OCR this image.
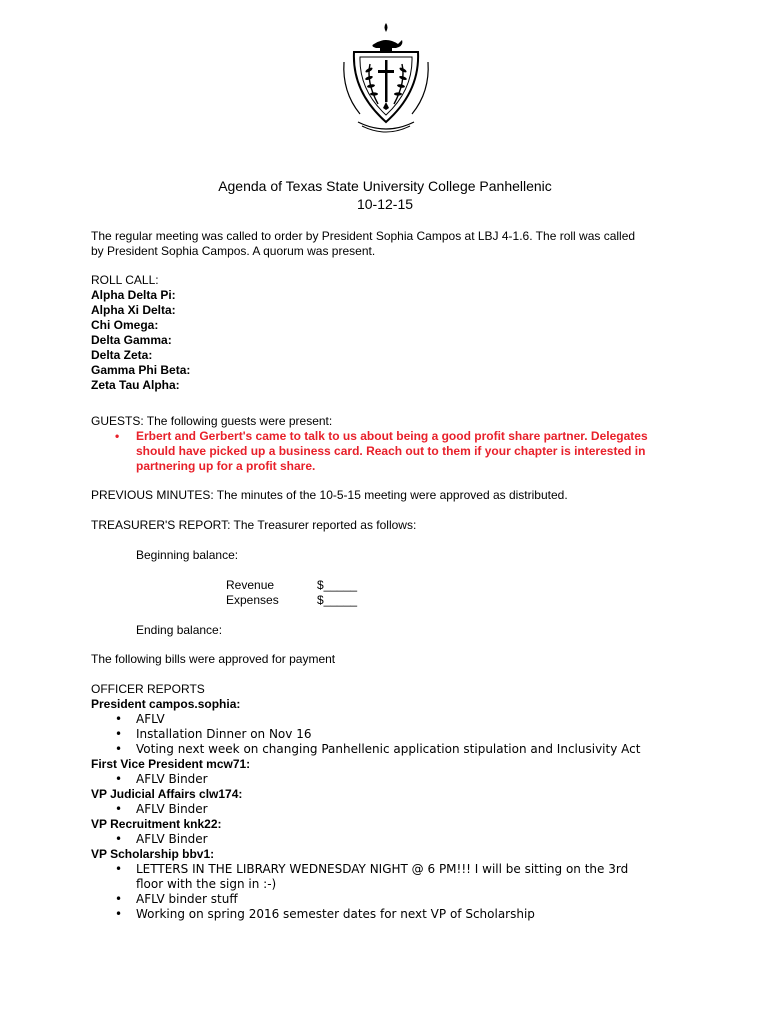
Agenda of Texas State University College Panhellenic
10-12-15
The regular meeting was called to order by President Sophia Campos at LBJ 4-1.6. The roll was called
by President Sophia Campos. A quorum was present.
ROLL CALL:
Alpha Delta Pi:
Alpha Xi Delta:
Chi Omega:
Delta Gamma:
Delta Zeta:
Gamma Phi Beta:
Zeta Tau Alpha:
GUESTS: The following guests were present:
• Erbert and Gerbert's came to talk to us about being a good profit share partner. Delegates
should have picked up a business card. Reach out to them if your chapter is interested in
partnering up for a profit share.
PREVIOUS MINUTES: The minutes of the 10-5-15 meeting were approved as distributed.
TREASURER'S REPORT: The Treasurer reported as follows:
Beginning balance:
Revenue	$_____
Expenses	$_____
Ending balance:
The following bills were approved for payment
OFFICER REPORTS
President campos.sophia:
• AFLV
• Installation Dinner on Nov 16
• Voting next week on changing Panhellenic application stipulation and Inclusivity Act
First Vice President mcw71:
• AFLV Binder
VP Judicial Affairs clw174:
• AFLV Binder
VP Recruitment knk22:
• AFLV Binder
VP Scholarship bbv1:
• LETTERS IN THE LIBRARY WEDNESDAY NIGHT @ 6 PM!!! I will be sitting on the 3rd
floor with the sign in :-)
• AFLV binder stuff
• Working on spring 2016 semester dates for next VP of Scholarship
